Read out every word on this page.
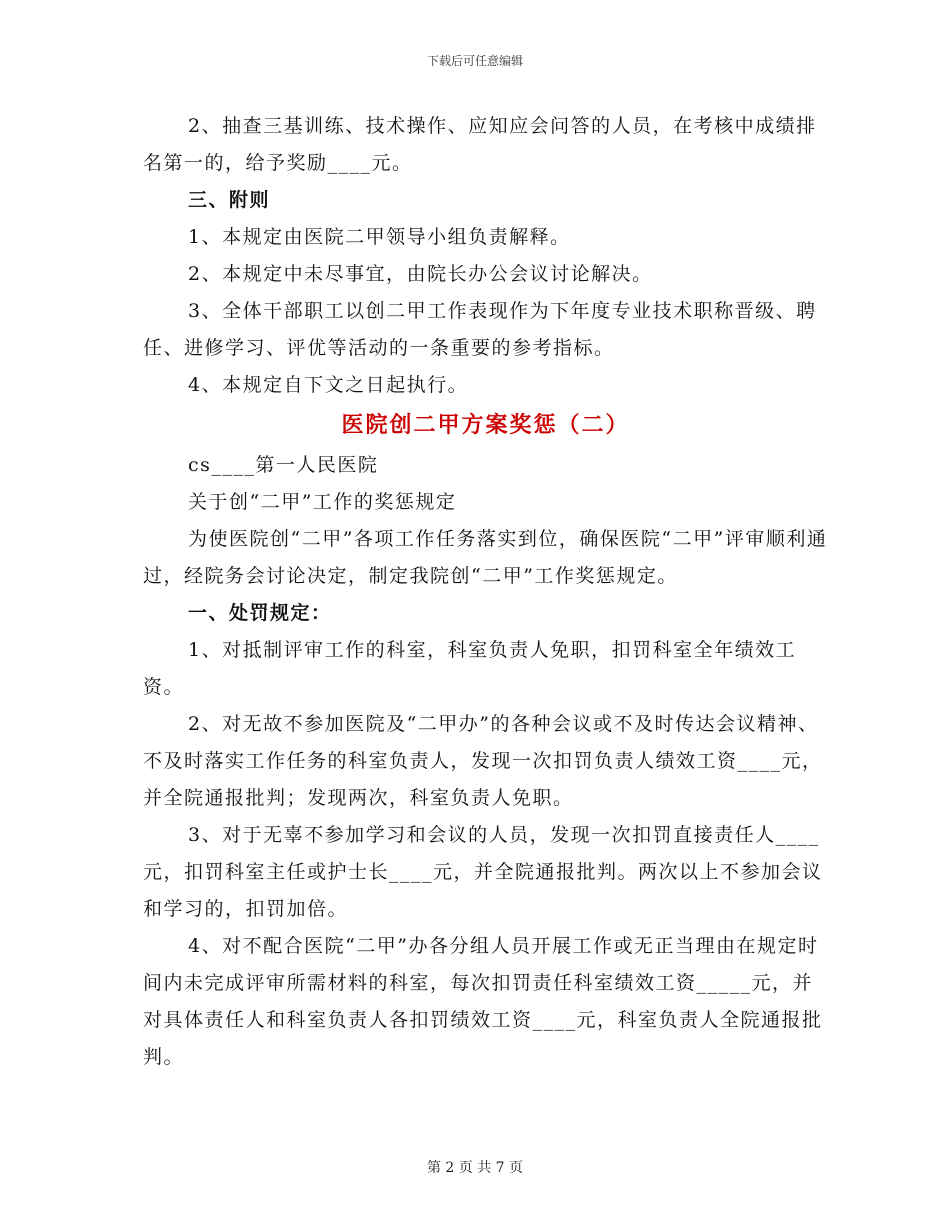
下载后可任意编辑

2、抽查三基训练、技术操作、应知应会问答的人员，在考核中成绩排名第一的，给予奖励____元。

三、附则

1、本规定由医院二甲领导小组负责解释。

2、本规定中未尽事宜，由院长办公会议讨论解决。

3、全体干部职工以创二甲工作表现作为下年度专业技术职称晋级、聘任、进修学习、评优等活动的一条重要的参考指标。

4、本规定自下文之日起执行。

医院创二甲方案奖惩（二）

cs____第一人民医院

关于创“二甲”工作的奖惩规定

为使医院创“二甲”各项工作任务落实到位，确保医院“二甲”评审顺利通过，经院务会讨论决定，制定我院创“二甲”工作奖惩规定。

一、处罚规定：

1、对抵制评审工作的科室，科室负责人免职，扣罚科室全年绩效工资。

2、对无故不参加医院及“二甲办”的各种会议或不及时传达会议精神、不及时落实工作任务的科室负责人，发现一次扣罚负责人绩效工资____元，并全院通报批判；发现两次，科室负责人免职。

3、对于无辜不参加学习和会议的人员，发现一次扣罚直接责任人____元，扣罚科室主任或护士长____元，并全院通报批判。两次以上不参加会议和学习的，扣罚加倍。

4、对不配合医院“二甲”办各分组人员开展工作或无正当理由在规定时间内未完成评审所需材料的科室，每次扣罚责任科室绩效工资_____元，并对具体责任人和科室负责人各扣罚绩效工资____元，科室负责人全院通报批判。

第 2 页 共 7 页
